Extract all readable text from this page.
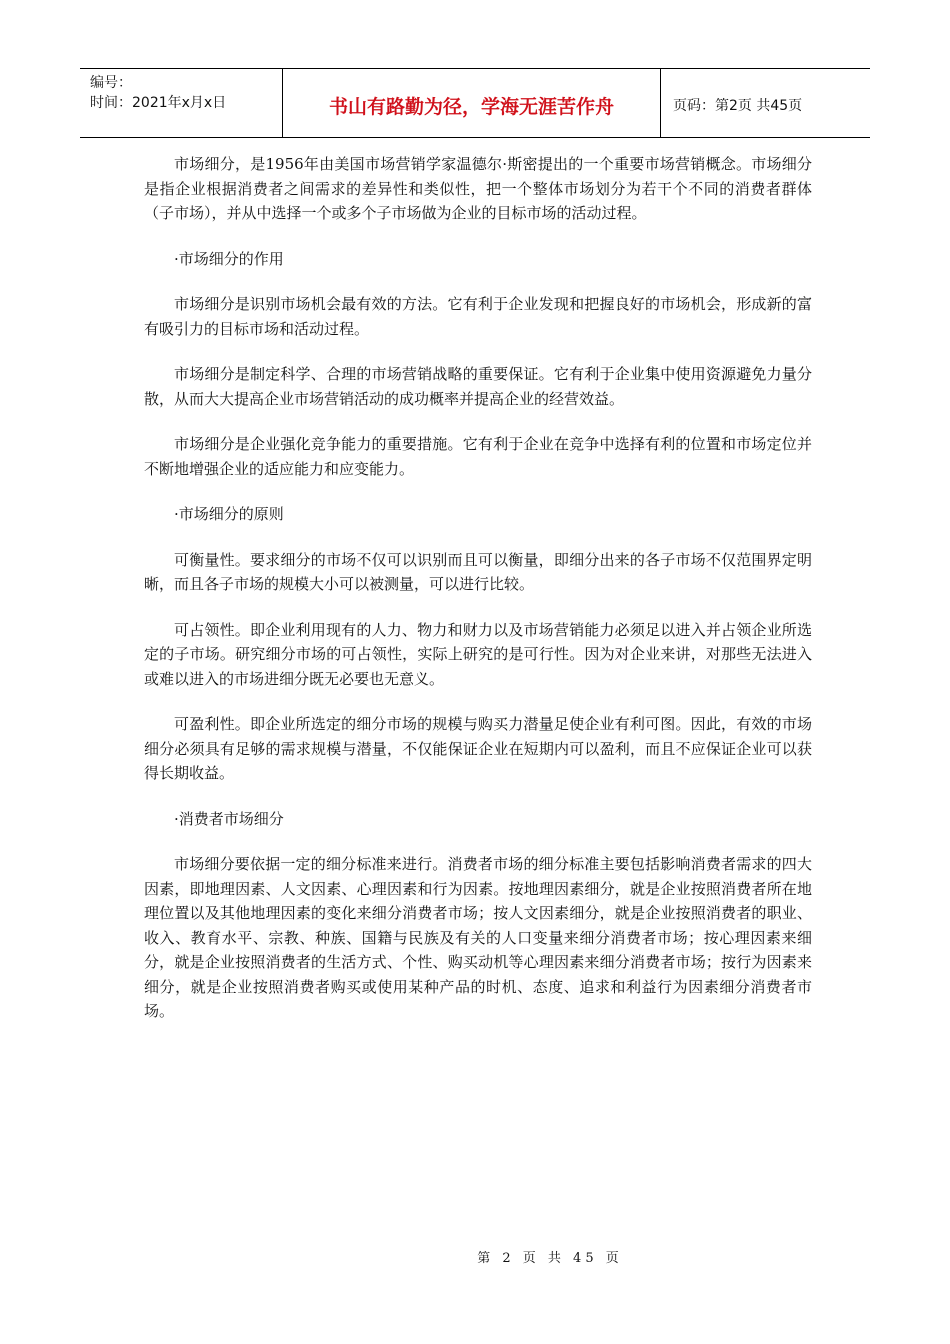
编号：
时间：2021年x月x日	书山有路勤为径，学海无涯苦作舟	页码：第2页 共45页

市场细分，是1956年由美国市场营销学家温德尔·斯密提出的一个重要市场营销概念。市场细分是指企业根据消费者之间需求的差异性和类似性，把一个整体市场划分为若干个不同的消费者群体（子市场），并从中选择一个或多个子市场做为企业的目标市场的活动过程。

·市场细分的作用

市场细分是识别市场机会最有效的方法。它有利于企业发现和把握良好的市场机会，形成新的富有吸引力的目标市场和活动过程。

市场细分是制定科学、合理的市场营销战略的重要保证。它有利于企业集中使用资源避免力量分散，从而大大提高企业市场营销活动的成功概率并提高企业的经营效益。

市场细分是企业强化竞争能力的重要措施。它有利于企业在竞争中选择有利的位置和市场定位并不断地增强企业的适应能力和应变能力。

·市场细分的原则

可衡量性。要求细分的市场不仅可以识别而且可以衡量，即细分出来的各子市场不仅范围界定明晰，而且各子市场的规模大小可以被测量，可以进行比较。

可占领性。即企业利用现有的人力、物力和财力以及市场营销能力必须足以进入并占领企业所选定的子市场。研究细分市场的可占领性，实际上研究的是可行性。因为对企业来讲，对那些无法进入或难以进入的市场进细分既无必要也无意义。

可盈利性。即企业所选定的细分市场的规模与购买力潜量足使企业有利可图。因此，有效的市场细分必须具有足够的需求规模与潜量，不仅能保证企业在短期内可以盈利，而且不应保证企业可以获得长期收益。

·消费者市场细分

市场细分要依据一定的细分标准来进行。消费者市场的细分标准主要包括影响消费者需求的四大因素，即地理因素、人文因素、心理因素和行为因素。按地理因素细分，就是企业按照消费者所在地理位置以及其他地理因素的变化来细分消费者市场；按人文因素细分，就是企业按照消费者的职业、收入、教育水平、宗教、种族、国籍与民族及有关的人口变量来细分消费者市场；按心理因素来细分，就是企业按照消费者的生活方式、个性、购买动机等心理因素来细分消费者市场；按行为因素来细分，就是企业按照消费者购买或使用某种产品的时机、态度、追求和利益行为因素细分消费者市场。

第 2 页 共 45 页
